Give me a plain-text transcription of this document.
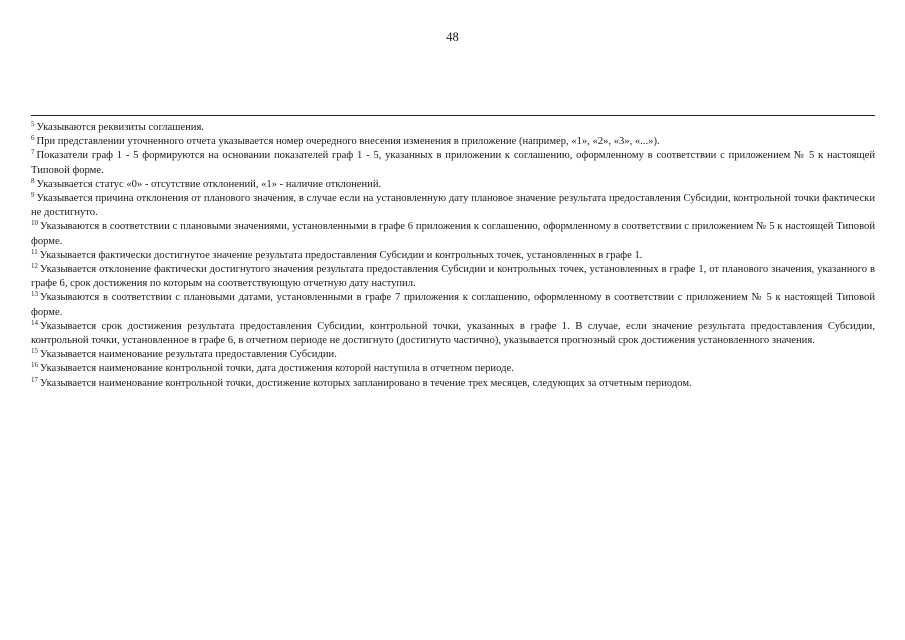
48

$^5$ Указываются реквизиты соглашения.

$^6$ При представлении уточненного отчета указывается номер очередного внесения изменения в приложение (например, «1», «2», «3», «...»).

$^7$ Показатели граф 1 - 5 формируются на основании показателей граф 1 - 5, указанных в приложении к соглашению, оформленному в соответствии с приложением № 5 к настоящей Типовой форме.

$^8$ Указывается статус «0» - отсутствие отклонений, «1» - наличие отклонений.

$^9$ Указывается причина отклонения от планового значения, в случае если на установленную дату плановое значение результата предоставления Субсидии, контрольной точки фактически не достигнуто.

$^{10}$ Указываются в соответствии с плановыми значениями, установленными в графе 6 приложения к соглашению, оформленному в соответствии с приложением № 5 к настоящей Типовой форме.

$^{11}$ Указывается фактически достигнутое значение результата предоставления Субсидии и контрольных точек, установленных в графе 1.

$^{12}$ Указывается отклонение фактически достигнутого значения результата предоставления Субсидии и контрольных точек, установленных в графе 1, от планового значения, указанного в графе 6, срок достижения по которым на соответствующую отчетную дату наступил.

$^{13}$ Указываются в соответствии с плановыми датами, установленными в графе 7 приложения к соглашению, оформленному в соответствии с приложением № 5 к настоящей Типовой форме.

$^{14}$ Указывается срок достижения результата предоставления Субсидии, контрольной точки, указанных в графе 1. В случае, если значение результата предоставления Субсидии, контрольной точки, установленное в графе 6, в отчетном периоде не достигнуто (достигнуто частично), указывается прогнозный срок достижения установленного значения.

$^{15}$ Указывается наименование результата предоставления Субсидии.

$^{16}$ Указывается наименование контрольной точки, дата достижения которой наступила в отчетном периоде.

$^{17}$ Указывается наименование контрольной точки, достижение которых запланировано в течение трех месяцев, следующих за отчетным периодом.
